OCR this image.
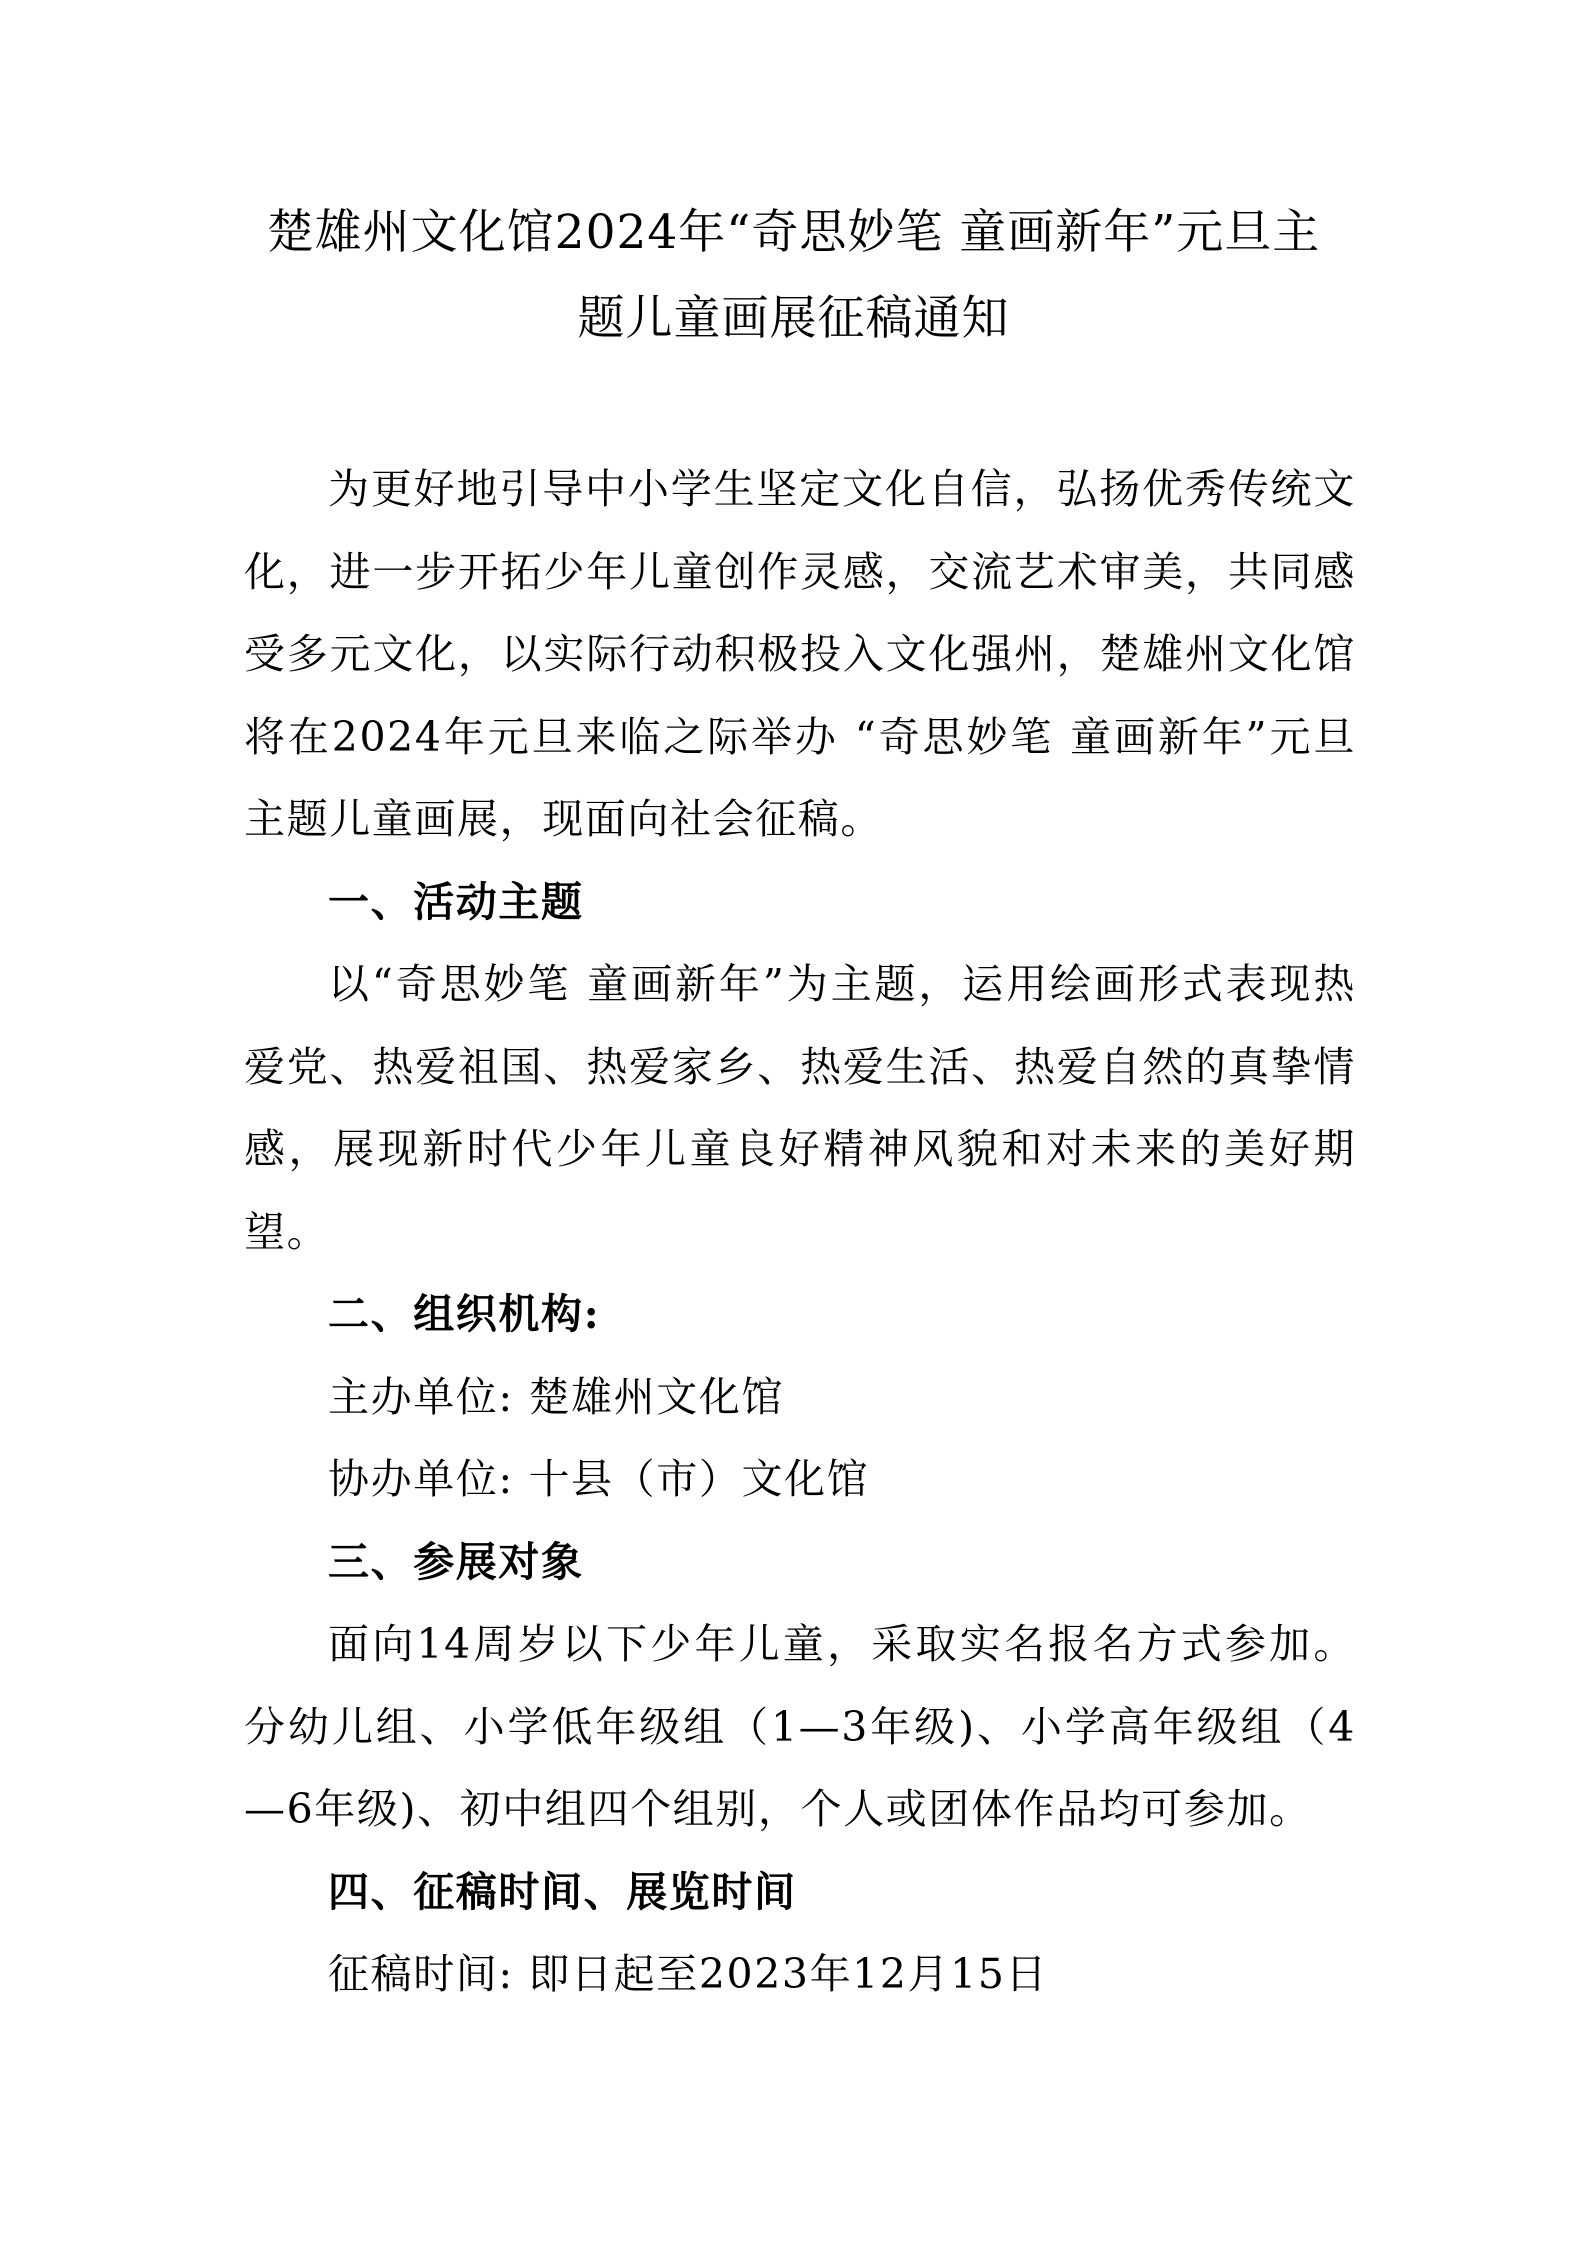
楚雄州文化馆2024年“奇思妙笔 童画新年”元旦主
题儿童画展征稿通知

为更好地引导中小学生坚定文化自信，弘扬优秀传统文化，进一步开拓少年儿童创作灵感，交流艺术审美，共同感受多元文化，以实际行动积极投入文化强州，楚雄州文化馆将在2024年元旦来临之际举办 “奇思妙笔 童画新年”元旦主题儿童画展，现面向社会征稿。

一、活动主题

以“奇思妙笔 童画新年”为主题，运用绘画形式表现热爱党、热爱祖国、热爱家乡、热爱生活、热爱自然的真挚情感，展现新时代少年儿童良好精神风貌和对未来的美好期望。

二、组织机构:

主办单位: 楚雄州文化馆

协办单位: 十县（市）文化馆

三、参展对象

面向14周岁以下少年儿童，采取实名报名方式参加。分幼儿组、小学低年级组（1—3年级)、小学高年级组（4—6年级)、初中组四个组别，个人或团体作品均可参加。

四、征稿时间、展览时间

征稿时间: 即日起至2023年12月15日
